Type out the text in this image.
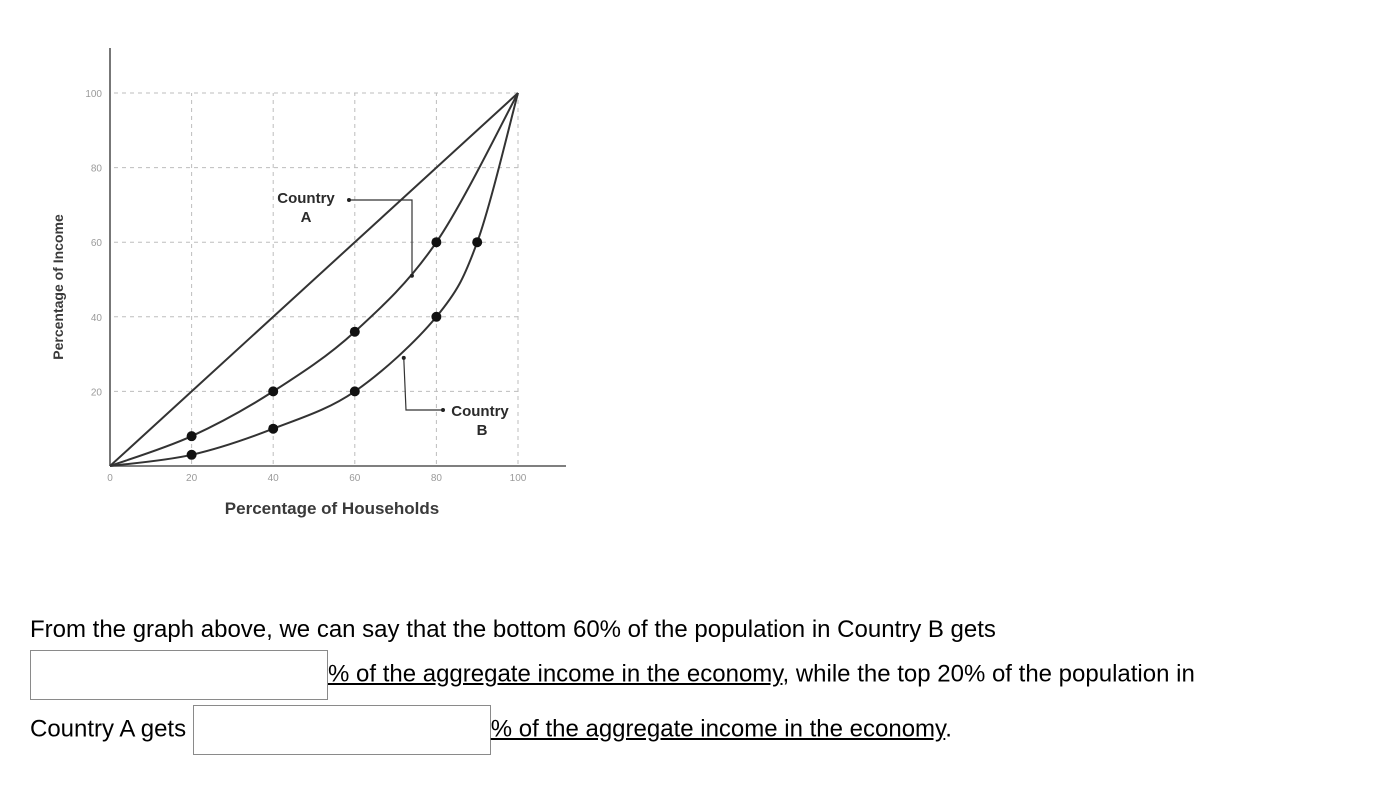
20
40
60
80
100
0	20	40	60	80	100
Country
A
Country
B
Percentage of Income
Percentage of Households
From the graph above, we can say that the bottom 60% of the population in Country B gets
% of the aggregate income in the economy, while the top 20% of the population in
Country A gets	% of the aggregate income in the economy.
